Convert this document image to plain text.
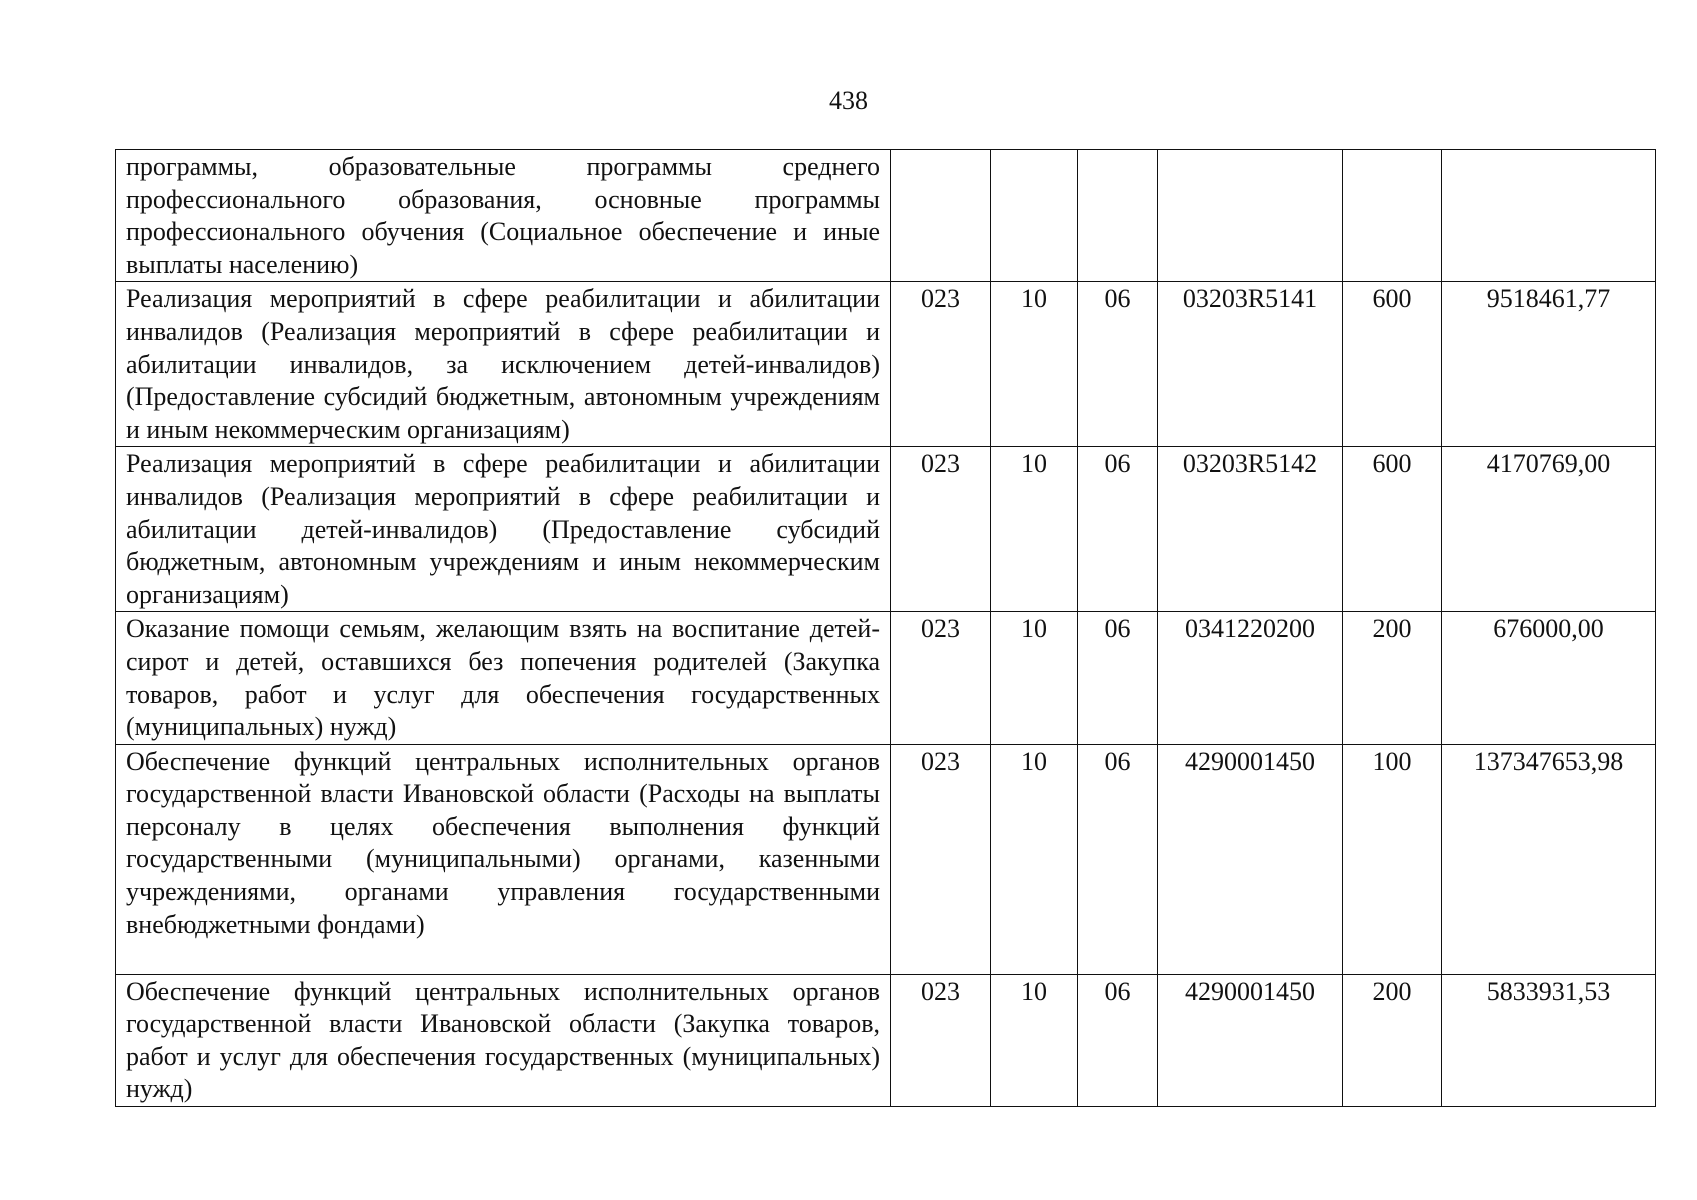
438
программы, образовательные программы среднего профессионального образования, основные программы профессионального обучения (Социальное обеспечение и иные выплаты населению)						
Реализация мероприятий в сфере реабилитации и абилитации инвалидов (Реализация мероприятий в сфере реабилитации и абилитации инвалидов, за исключением детей-инвалидов) (Предоставление субсидий бюджетным, автономным учреждениям и иным некоммерческим организациям)	023	10	06	03203R5141	600	9518461,77
Реализация мероприятий в сфере реабилитации и абилитации инвалидов (Реализация мероприятий в сфере реабилитации и абилитации детей-инвалидов) (Предоставление субсидий бюджетным, автономным учреждениям и иным некоммерческим организациям)	023	10	06	03203R5142	600	4170769,00
Оказание помощи семьям, желающим взять на воспитание детей-сирот и детей, оставшихся без попечения родителей (Закупка товаров, работ и услуг для обеспечения государственных (муниципальных) нужд)	023	10	06	0341220200	200	676000,00
Обеспечение функций центральных исполнительных органов государственной власти Ивановской области (Расходы на выплаты персоналу в целях обеспечения выполнения функций государственными (муниципальными) органами, казенными учреждениями, органами управления государственными внебюджетными фондами)	023	10	06	4290001450	100	137347653,98
Обеспечение функций центральных исполнительных органов государственной власти Ивановской области (Закупка товаров, работ и услуг для обеспечения государственных (муниципальных) нужд)	023	10	06	4290001450	200	5833931,53
